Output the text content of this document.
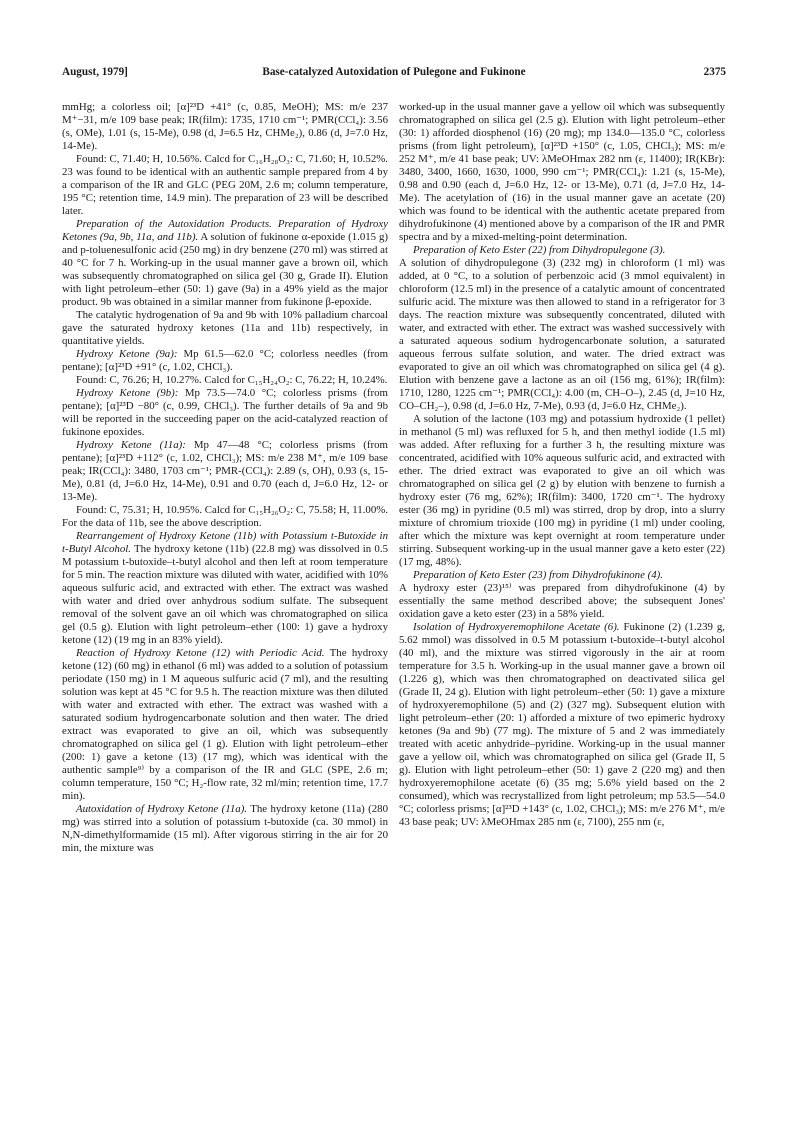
August, 1979]	Base-catalyzed Autoxidation of Pulegone and Fukinone	2375

mmHg; a colorless oil; [α]²³D +41° (c, 0.85, MeOH); MS: m/e 237 M⁺−31, m/e 109 base peak; IR(film): 1735, 1710 cm⁻¹; PMR(CCl₄): 3.56 (s, OMe), 1.01 (s, 15-Me), 0.98 (d, J=6.5 Hz, CHMe₂), 0.86 (d, J=7.0 Hz, 14-Me).

Found: C, 71.40; H, 10.56%. Calcd for C₁₆H₂₈O₃: C, 71.60; H, 10.52%. 23 was found to be identical with an authentic sample prepared from 4 by a comparison of the IR and GLC (PEG 20M, 2.6 m; column temperature, 195 °C; retention time, 14.9 min). The preparation of 23 will be described later.

Preparation of the Autoxidation Products. Preparation of Hydroxy Ketones (9a, 9b, 11a, and 11b). A solution of fukinone α-epoxide (1.015 g) and p-toluenesulfonic acid (250 mg) in dry benzene (270 ml) was stirred at 40 °C for 7 h. Working-up in the usual manner gave a brown oil, which was subsequently chromatographed on silica gel (30 g, Grade II). Elution with light petroleum–ether (50: 1) gave (9a) in a 49% yield as the major product. 9b was obtained in a similar manner from fukinone β-epoxide.

The catalytic hydrogenation of 9a and 9b with 10% palladium charcoal gave the saturated hydroxy ketones (11a and 11b) respectively, in quantitative yields.

Hydroxy Ketone (9a): Mp 61.5—62.0 °C; colorless needles (from pentane); [α]²³D +91° (c, 1.02, CHCl₃).

Found: C, 76.26; H, 10.27%. Calcd for C₁₅H₂₄O₂: C, 76.22; H, 10.24%.

Hydroxy Ketone (9b): Mp 73.5—74.0 °C; colorless prisms (from pentane); [α]²³D −80° (c, 0.99, CHCl₃). The further details of 9a and 9b will be reported in the succeeding paper on the acid-catalyzed reaction of fukinone epoxides.

Hydroxy Ketone (11a): Mp 47—48 °C; colorless prisms (from pentane); [α]²³D +112° (c, 1.02, CHCl₃); MS: m/e 238 M⁺, m/e 109 base peak; IR(CCl₄): 3480, 1703 cm⁻¹; PMR-(CCl₄): 2.89 (s, OH), 0.93 (s, 15-Me), 0.81 (d, J=6.0 Hz, 14-Me), 0.91 and 0.70 (each d, J=6.0 Hz, 12- or 13-Me).

Found: C, 75.31; H, 10.95%. Calcd for C₁₅H₂₆O₂: C, 75.58; H, 11.00%. For the data of 11b, see the above description.

Rearrangement of Hydroxy Ketone (11b) with Potassium t-Butoxide in t-Butyl Alcohol. The hydroxy ketone (11b) (22.8 mg) was dissolved in 0.5 M potassium t-butoxide–t-butyl alcohol and then left at room temperature for 5 min. The reaction mixture was diluted with water, acidified with 10% aqueous sulfuric acid, and extracted with ether. The extract was washed with water and dried over anhydrous sodium sulfate. The subsequent removal of the solvent gave an oil which was chromatographed on silica gel (0.5 g). Elution with light petroleum–ether (100: 1) gave a hydroxy ketone (12) (19 mg in an 83% yield).

Reaction of Hydroxy Ketone (12) with Periodic Acid. The hydroxy ketone (12) (60 mg) in ethanol (6 ml) was added to a solution of potassium periodate (150 mg) in 1 M aqueous sulfuric acid (7 ml), and the resulting solution was kept at 45 °C for 9.5 h. The reaction mixture was then diluted with water and extracted with ether. The extract was washed with a saturated sodium hydrogencarbonate solution and then water. The dried extract was evaporated to give an oil, which was subsequently chromatographed on silica gel (1 g). Elution with light petroleum–ether (200: 1) gave a ketone (13) (17 mg), which was identical with the authentic sample⁹⁾ by a comparison of the IR and GLC (SPE, 2.6 m; column temperature, 150 °C; H₂-flow rate, 32 ml/min; retention time, 17.7 min).

Autoxidation of Hydroxy Ketone (11a). The hydroxy ketone (11a) (280 mg) was stirred into a solution of potassium t-butoxide (ca. 30 mmol) in N,N-dimethylformamide (15 ml). After vigorous stirring in the air for 20 min, the mixture was

worked-up in the usual manner gave a yellow oil which was subsequently chromatographed on silica gel (2.5 g). Elution with light petroleum–ether (30: 1) afforded diosphenol (16) (20 mg); mp 134.0—135.0 °C, colorless prisms (from light petroleum), [α]²³D +150° (c, 1.05, CHCl₃); MS: m/e 252 M⁺, m/e 41 base peak; UV: λMeOHmax 282 nm (ε, 11400); IR(KBr): 3480, 3400, 1660, 1630, 1000, 990 cm⁻¹; PMR(CCl₄): 1.21 (s, 15-Me), 0.98 and 0.90 (each d, J=6.0 Hz, 12- or 13-Me), 0.71 (d, J=7.0 Hz, 14-Me). The acetylation of (16) in the usual manner gave an acetate (20) which was found to be identical with the authentic acetate prepared from dihydrofukinone (4) mentioned above by a comparison of the IR and PMR spectra and by a mixed-melting-point determination.

Preparation of Keto Ester (22) from Dihydropulegone (3).

A solution of dihydropulegone (3) (232 mg) in chloroform (1 ml) was added, at 0 °C, to a solution of perbenzoic acid (3 mmol equivalent) in chloroform (12.5 ml) in the presence of a catalytic amount of concentrated sulfuric acid. The mixture was then allowed to stand in a refrigerator for 3 days. The reaction mixture was subsequently concentrated, diluted with water, and extracted with ether. The extract was washed successively with a saturated aqueous sodium hydrogencarbonate solution, a saturated aqueous ferrous sulfate solution, and water. The dried extract was evaporated to give an oil which was chromatographed on silica gel (4 g). Elution with benzene gave a lactone as an oil (156 mg, 61%); IR(film): 1710, 1280, 1225 cm⁻¹; PMR(CCl₄): 4.00 (m, CH–O–), 2.45 (d, J=10 Hz, CO–CH₂–), 0.98 (d, J=6.0 Hz, 7-Me), 0.93 (d, J=6.0 Hz, CHMe₂).

A solution of the lactone (103 mg) and potassium hydroxide (1 pellet) in methanol (5 ml) was refluxed for 5 h, and then methyl iodide (1.5 ml) was added. After refluxing for a further 3 h, the resulting mixture was concentrated, acidified with 10% aqueous sulfuric acid, and extracted with ether. The dried extract was evaporated to give an oil which was chromatographed on silica gel (2 g) by elution with benzene to furnish a hydroxy ester (76 mg, 62%); IR(film): 3400, 1720 cm⁻¹. The hydroxy ester (36 mg) in pyridine (0.5 ml) was stirred, drop by drop, into a slurry mixture of chromium trioxide (100 mg) in pyridine (1 ml) under cooling, after which the mixture was kept overnight at room temperature under stirring. Subsequent working-up in the usual manner gave a keto ester (22) (17 mg, 48%).

Preparation of Keto Ester (23) from Dihydrofukinone (4).

A hydroxy ester (23)¹⁵⁾ was prepared from dihydrofukinone (4) by essentially the same method described above; the subsequent Jones' oxidation gave a keto ester (23) in a 58% yield.

Isolation of Hydroxyeremophilone Acetate (6). Fukinone (2) (1.239 g, 5.62 mmol) was dissolved in 0.5 M potassium t-butoxide–t-butyl alcohol (40 ml), and the mixture was stirred vigorously in the air at room temperature for 3.5 h. Working-up in the usual manner gave a brown oil (1.226 g), which was then chromatographed on deactivated silica gel (Grade II, 24 g). Elution with light petroleum–ether (50: 1) gave a mixture of hydroxyeremophilone (5) and (2) (327 mg). Subsequent elution with light petroleum–ether (20: 1) afforded a mixture of two epimeric hydroxy ketones (9a and 9b) (77 mg). The mixture of 5 and 2 was immediately treated with acetic anhydride–pyridine. Working-up in the usual manner gave a yellow oil, which was chromatographed on silica gel (Grade II, 5 g). Elution with light petroleum–ether (50: 1) gave 2 (220 mg) and then hydroxyeremophilone acetate (6) (35 mg; 5.6% yield based on the 2 consumed), which was recrystallized from light petroleum; mp 53.5—54.0 °C; colorless prisms; [α]²³D +143° (c, 1.02, CHCl₃); MS: m/e 276 M⁺, m/e 43 base peak; UV: λMeOHmax 285 nm (ε, 7100), 255 nm (ε,
